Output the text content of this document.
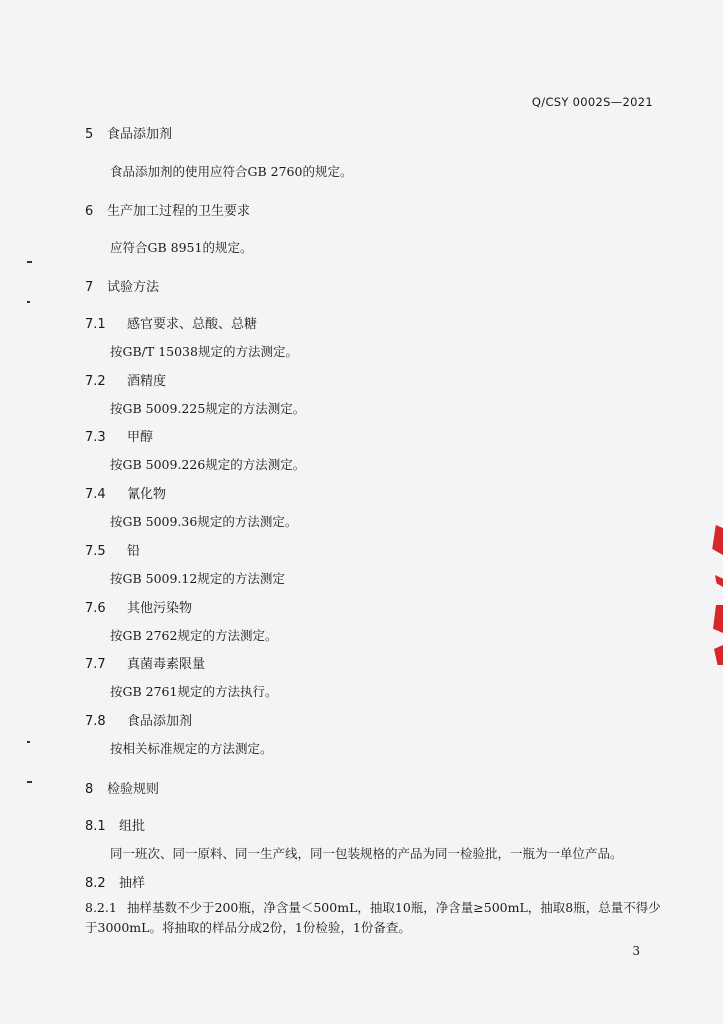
Q/CSY 0002S—2021
5 食品添加剂
食品添加剂的使用应符合GB 2760的规定。
6 生产加工过程的卫生要求
应符合GB 8951的规定。
7 试验方法
7.1 感官要求、总酸、总糖
按GB/T 15038规定的方法测定。
7.2 酒精度
按GB 5009.225规定的方法测定。
7.3 甲醇
按GB 5009.226规定的方法测定。
7.4 氰化物
按GB 5009.36规定的方法测定。
7.5 铅
按GB 5009.12规定的方法测定
7.6 其他污染物
按GB 2762规定的方法测定。
7.7 真菌毒素限量
按GB 2761规定的方法执行。
7.8 食品添加剂
按相关标准规定的方法测定。
8 检验规则
8.1 组批
同一班次、同一原料、同一生产线，同一包装规格的产品为同一检验批，一瓶为一单位产品。
8.2 抽样
8.2.1 抽样基数不少于200瓶，净含量＜500mL，抽取10瓶，净含量≥500mL，抽取8瓶，总量不得少
于3000mL。将抽取的样品分成2份，1份检验，1份备查。
3
